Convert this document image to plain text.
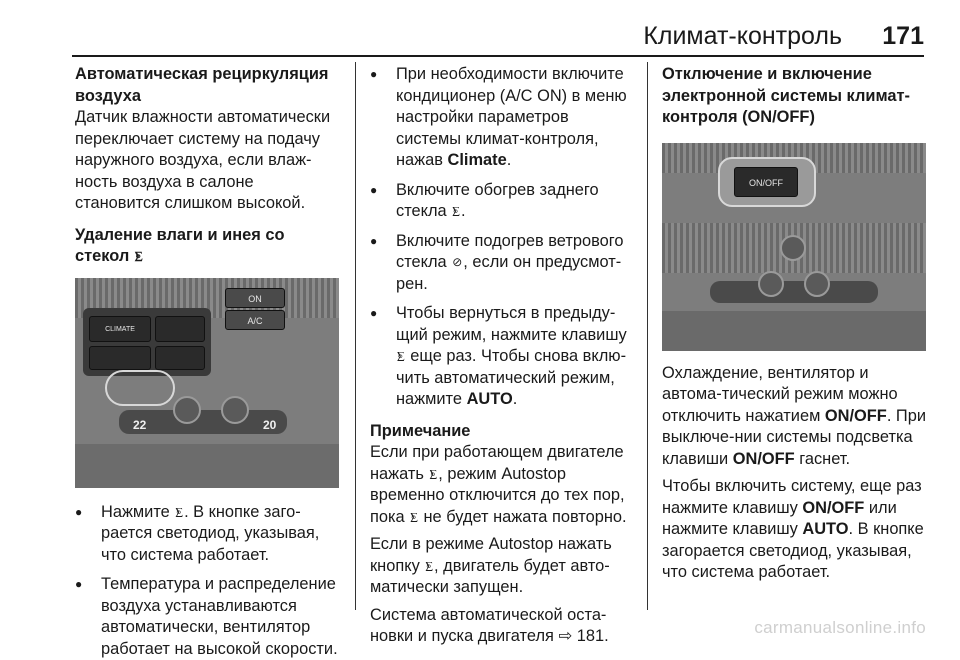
Климат-контроль 171

Автоматическая рециркуляция воздуха

Датчик влажности автоматически переключает систему на подачу наружного воздуха, если влаж-ность воздуха в салоне становится слишком высокой.

Удаление влаги и инея со стекол ⨊

CLIMATE
ON
A/C
22	20
● Нажмите ⨊. В кнопке заго-рается светодиод, указывая, что система работает.
● Температура и распределение воздуха устанавливаются автоматически, вентилятор работает на высокой скорости.
● При необходимости включите кондиционер (A/C ON) в меню настройки параметров системы климат-контроля, нажав Climate.
● Включите обогрев заднего стекла ⨊.
● Включите подогрев ветрового стекла ⊘, если он предусмот-рен.
● Чтобы вернуться в предыду-щий режим, нажмите клавишу ⨊ еще раз. Чтобы снова вклю-чить автоматический режим, нажмите AUTO.

Примечание

Если при работающем двигателе нажать ⨊, режим Autostop временно отключится до тех пор, пока ⨊ не будет нажата повторно.

Если в режиме Autostop нажать кнопку ⨊, двигатель будет авто-матически запущен.

Система автоматической оста-новки и пуска двигателя ⇨ 181.

Отключение и включение электронной системы климат-контроля (ON/OFF)

ON/OFF

Охлаждение, вентилятор и автома-тический режим можно отключить нажатием ON/OFF. При выключе-нии системы подсветка клавиши ON/OFF гаснет.

Чтобы включить систему, еще раз нажмите клавишу ON/OFF или нажмите клавишу AUTO. В кнопке загорается светодиод, указывая, что система работает.

carmanualsonline.info
